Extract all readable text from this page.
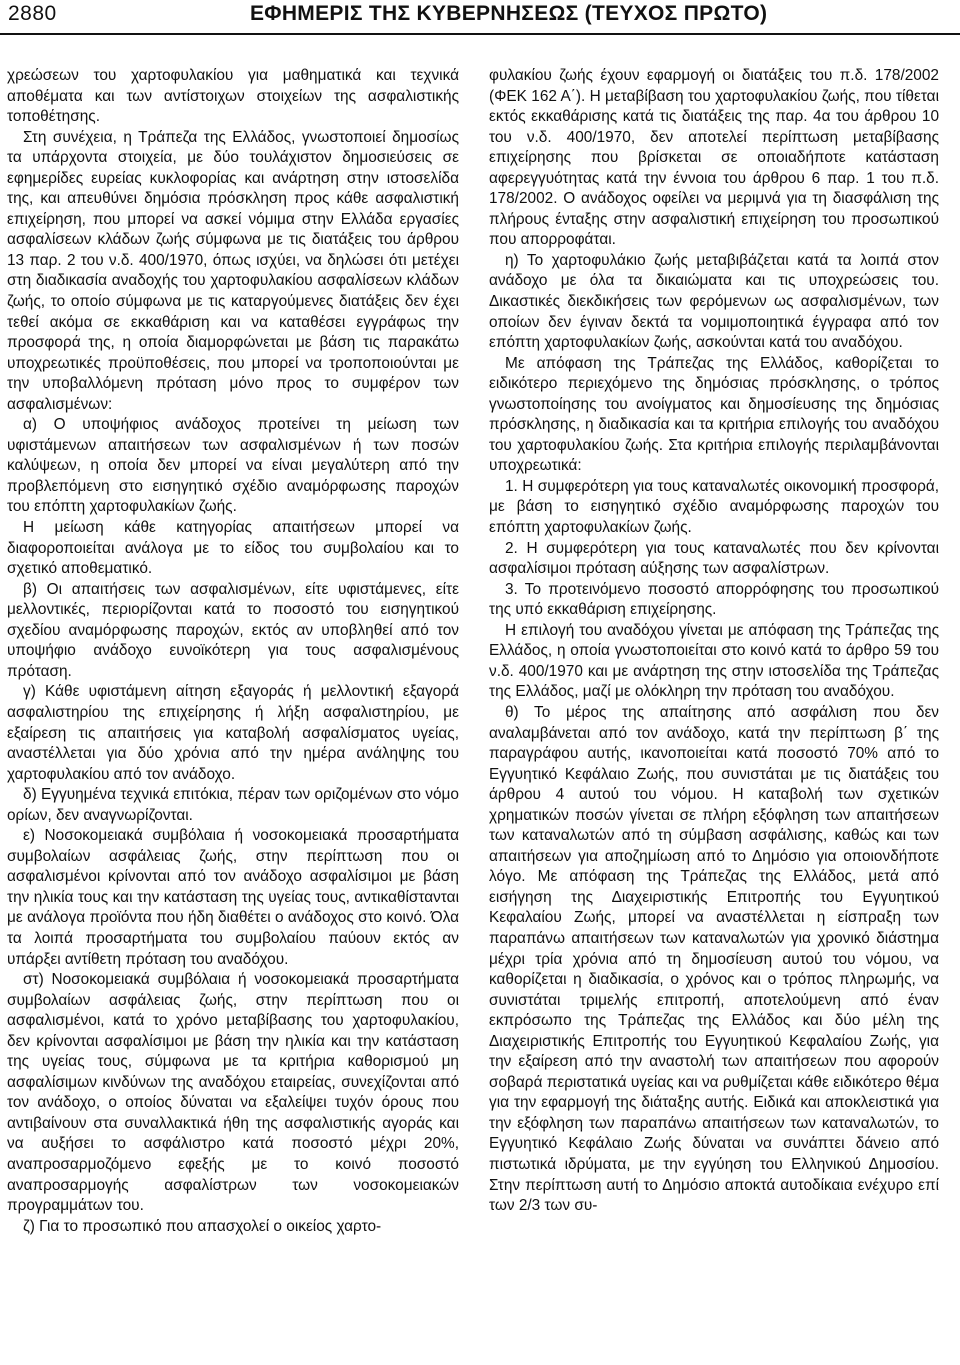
2880	ΕΦΗΜΕΡΙΣ ΤΗΣ ΚΥΒΕΡΝΗΣΕΩΣ (ΤΕΥΧΟΣ ΠΡΩΤΟ)

χρεώσεων του χαρτοφυλακίου για μαθηματικά και τεχνικά αποθέματα και των αντίστοιχων στοιχείων της ασφαλιστικής τοποθέτησης.

Στη συνέχεια, η Τράπεζα της Ελλάδος, γνωστοποιεί δημοσίως τα υπάρχοντα στοιχεία, με δύο τουλάχιστον δημοσιεύσεις σε εφημερίδες ευρείας κυκλοφορίας και ανάρτηση στην ιστοσελίδα της, και απευθύνει δημόσια πρόσκληση προς κάθε ασφαλιστική επιχείρηση, που μπορεί να ασκεί νόμιμα στην Ελλάδα εργασίες ασφαλίσεων κλάδων ζωής σύμφωνα με τις διατάξεις του άρθρου 13 παρ. 2 του ν.δ. 400/1970, όπως ισχύει, να δηλώσει ότι μετέχει στη διαδικασία αναδοχής του χαρτοφυλακίου ασφαλίσεων κλάδων ζωής, το οποίο σύμφωνα με τις καταργούμενες διατάξεις δεν έχει τεθεί ακόμα σε εκκαθάριση και να καταθέσει εγγράφως την προσφορά της, η οποία διαμορφώνεται με βάση τις παρακάτω υποχρεωτικές προϋποθέσεις, που μπορεί να τροποποιούνται με την υποβαλλόμενη πρόταση μόνο προς το συμφέρον των ασφαλισμένων:

α) Ο υποψήφιος ανάδοχος προτείνει τη μείωση των υφιστάμενων απαιτήσεων των ασφαλισμένων ή των ποσών καλύψεων, η οποία δεν μπορεί να είναι μεγαλύτερη από την προβλεπόμενη στο εισηγητικό σχέδιο αναμόρφωσης παροχών του επόπτη χαρτοφυλακίων ζωής.

Η μείωση κάθε κατηγορίας απαιτήσεων μπορεί να διαφοροποιείται ανάλογα με το είδος του συμβολαίου και το σχετικό αποθεματικό.

β) Οι απαιτήσεις των ασφαλισμένων, είτε υφιστάμενες, είτε μελλοντικές, περιορίζονται κατά το ποσοστό του εισηγητικού σχεδίου αναμόρφωσης παροχών, εκτός αν υποβληθεί από τον υποψήφιο ανάδοχο ευνοϊκότερη για τους ασφαλισμένους πρόταση.

γ) Κάθε υφιστάμενη αίτηση εξαγοράς ή μελλοντική εξαγορά ασφαλιστηρίου της επιχείρησης ή λήξη ασφαλιστηρίου, με εξαίρεση τις απαιτήσεις για καταβολή ασφαλίσματος υγείας, αναστέλλεται για δύο χρόνια από την ημέρα ανάληψης του χαρτοφυλακίου από τον ανάδοχο.

δ) Εγγυημένα τεχνικά επιτόκια, πέραν των οριζομένων στο νόμο ορίων, δεν αναγνωρίζονται.

ε) Νοσοκομειακά συμβόλαια ή νοσοκομειακά προσαρτήματα συμβολαίων ασφάλειας ζωής, στην περίπτωση που οι ασφαλισμένοι κρίνονται από τον ανάδοχο ασφαλίσιμοι με βάση την ηλικία τους και την κατάσταση της υγείας τους, αντικαθίστανται με ανάλογα προϊόντα που ήδη διαθέτει ο ανάδοχος στο κοινό. Όλα τα λοιπά προσαρτήματα του συμβολαίου παύουν εκτός αν υπάρξει αντίθετη πρόταση του αναδόχου.

στ) Νοσοκομειακά συμβόλαια ή νοσοκομειακά προσαρτήματα συμβολαίων ασφάλειας ζωής, στην περίπτωση που οι ασφαλισμένοι, κατά το χρόνο μεταβίβασης του χαρτοφυλακίου, δεν κρίνονται ασφαλίσιμοι με βάση την ηλικία και την κατάσταση της υγείας τους, σύμφωνα με τα κριτήρια καθορισμού μη ασφαλίσιμων κινδύνων της αναδόχου εταιρείας, συνεχίζονται από τον ανάδοχο, ο οποίος δύναται να εξαλείψει τυχόν όρους που αντιβαίνουν στα συναλλακτικά ήθη της ασφαλιστικής αγοράς και να αυξήσει το ασφάλιστρο κατά ποσοστό μέχρι 20%, αναπροσαρμοζόμενο εφεξής με το κοινό ποσοστό αναπροσαρμογής ασφαλίστρων των νοσοκομειακών προγραμμάτων του.

ζ) Για το προσωπικό που απασχολεί ο οικείος χαρτο-

φυλακίου ζωής έχουν εφαρμογή οι διατάξεις του π.δ. 178/2002 (ΦΕΚ 162 Α΄). Η μεταβίβαση του χαρτοφυλακίου ζωής, που τίθεται εκτός εκκαθάρισης κατά τις διατάξεις της παρ. 4α του άρθρου 10 του ν.δ. 400/1970, δεν αποτελεί περίπτωση μεταβίβασης επιχείρησης που βρίσκεται σε οποιαδήποτε κατάσταση αφερεγγυότητας κατά την έννοια του άρθρου 6 παρ. 1 του π.δ. 178/2002. Ο ανάδοχος οφείλει να μεριμνά για τη διασφάλιση της πλήρους ένταξης στην ασφαλιστική επιχείρηση του προσωπικού που απορροφάται.

η) Το χαρτοφυλάκιο ζωής μεταβιβάζεται κατά τα λοιπά στον ανάδοχο με όλα τα δικαιώματα και τις υποχρεώσεις του. Δικαστικές διεκδικήσεις των φερόμενων ως ασφαλισμένων, των οποίων δεν έγιναν δεκτά τα νομιμοποιητικά έγγραφα από τον επόπτη χαρτοφυλακίων ζωής, ασκούνται κατά του αναδόχου.

Με απόφαση της Τράπεζας της Ελλάδος, καθορίζεται το ειδικότερο περιεχόμενο της δημόσιας πρόσκλησης, ο τρόπος γνωστοποίησης του ανοίγματος και δημοσίευσης της δημόσιας πρόσκλησης, η διαδικασία και τα κριτήρια επιλογής του αναδόχου του χαρτοφυλακίου ζωής. Στα κριτήρια επιλογής περιλαμβάνονται υποχρεωτικά:

1. Η συμφερότερη για τους καταναλωτές οικονομική προσφορά, με βάση το εισηγητικό σχέδιο αναμόρφωσης παροχών του επόπτη χαρτοφυλακίων ζωής.

2. Η συμφερότερη για τους καταναλωτές που δεν κρίνονται ασφαλίσιμοι πρόταση αύξησης των ασφαλίστρων.

3. Το προτεινόμενο ποσοστό απορρόφησης του προσωπικού της υπό εκκαθάριση επιχείρησης.

Η επιλογή του αναδόχου γίνεται με απόφαση της Τράπεζας της Ελλάδος, η οποία γνωστοποιείται στο κοινό κατά το άρθρο 59 του ν.δ. 400/1970 και με ανάρτηση της στην ιστοσελίδα της Τράπεζας της Ελλάδος, μαζί με ολόκληρη την πρόταση του αναδόχου.

θ) Το μέρος της απαίτησης από ασφάλιση που δεν αναλαμβάνεται από τον ανάδοχο, κατά την περίπτωση β΄ της παραγράφου αυτής, ικανοποιείται κατά ποσοστό 70% από το Εγγυητικό Κεφάλαιο Ζωής, που συνιστάται με τις διατάξεις του άρθρου 4 αυτού του νόμου. Η καταβολή των σχετικών χρηματικών ποσών γίνεται σε πλήρη εξόφληση των απαιτήσεων των καταναλωτών από τη σύμβαση ασφάλισης, καθώς και των απαιτήσεων για αποζημίωση από το Δημόσιο για οποιονδήποτε λόγο. Με απόφαση της Τράπεζας της Ελλάδος, μετά από εισήγηση της Διαχειριστικής Επιτροπής του Εγγυητικού Κεφαλαίου Ζωής, μπορεί να αναστέλλεται η είσπραξη των παραπάνω απαιτήσεων των καταναλωτών για χρονικό διάστημα μέχρι τρία χρόνια από τη δημοσίευση αυτού του νόμου, να καθορίζεται η διαδικασία, ο χρόνος και ο τρόπος πληρωμής, να συνιστάται τριμελής επιτροπή, αποτελούμενη από έναν εκπρόσωπο της Τράπεζας της Ελλάδος και δύο μέλη της Διαχειριστικής Επιτροπής του Εγγυητικού Κεφαλαίου Ζωής, για την εξαίρεση από την αναστολή των απαιτήσεων που αφορούν σοβαρά περιστατικά υγείας και να ρυθμίζεται κάθε ειδικότερο θέμα για την εφαρμογή της διάταξης αυτής. Ειδικά και αποκλειστικά για την εξόφληση των παραπάνω απαιτήσεων των καταναλωτών, το Εγγυητικό Κεφάλαιο Ζωής δύναται να συνάπτει δάνειο από πιστωτικά ιδρύματα, με την εγγύηση του Ελληνικού Δημοσίου. Στην περίπτωση αυτή το Δημόσιο αποκτά αυτοδίκαια ενέχυρο επί των 2/3 των συ-
